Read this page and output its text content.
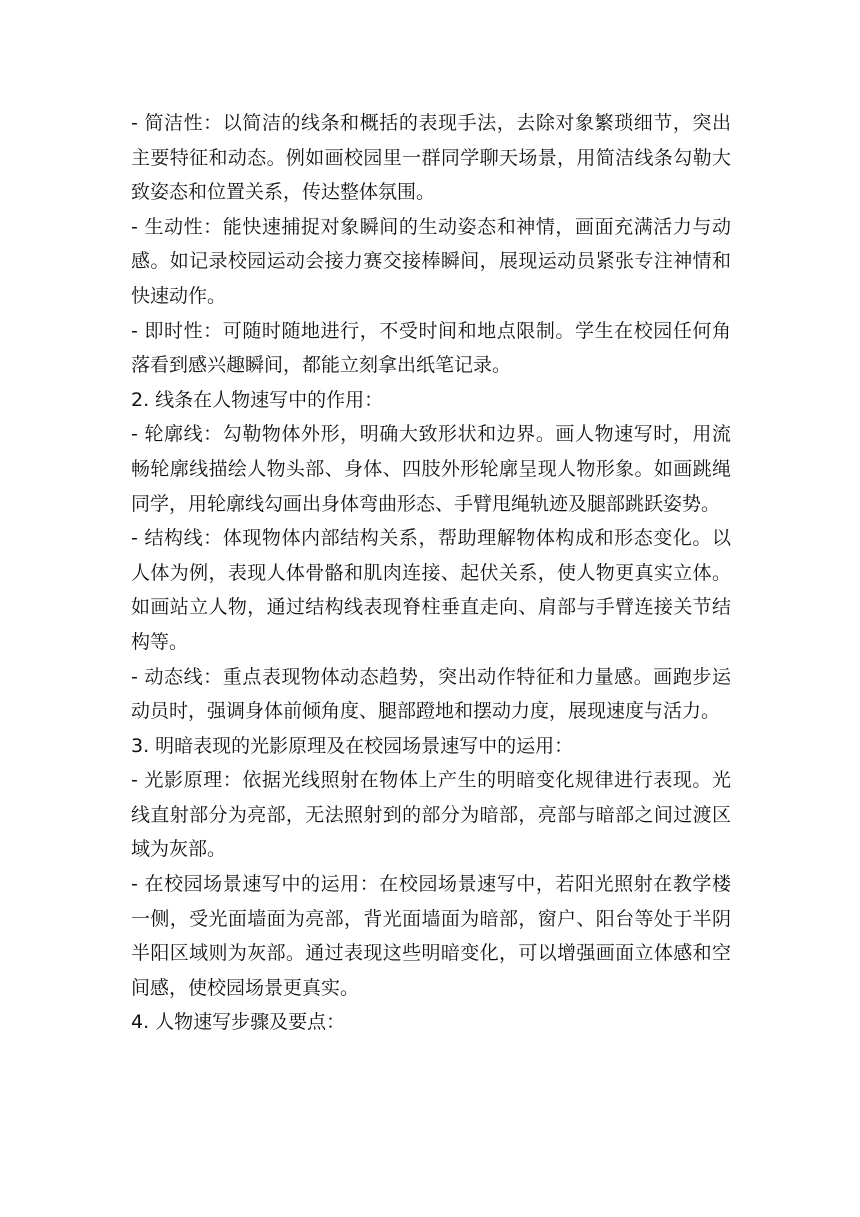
- 简洁性：以简洁的线条和概括的表现手法，去除对象繁琐细节，突出主要特征和动态。例如画校园里一群同学聊天场景，用简洁线条勾勒大致姿态和位置关系，传达整体氛围。

- 生动性：能快速捕捉对象瞬间的生动姿态和神情，画面充满活力与动感。如记录校园运动会接力赛交接棒瞬间，展现运动员紧张专注神情和快速动作。

- 即时性：可随时随地进行，不受时间和地点限制。学生在校园任何角落看到感兴趣瞬间，都能立刻拿出纸笔记录。

2. 线条在人物速写中的作用：

- 轮廓线：勾勒物体外形，明确大致形状和边界。画人物速写时，用流畅轮廓线描绘人物头部、身体、四肢外形轮廓呈现人物形象。如画跳绳同学，用轮廓线勾画出身体弯曲形态、手臂甩绳轨迹及腿部跳跃姿势。

- 结构线：体现物体内部结构关系，帮助理解物体构成和形态变化。以人体为例，表现人体骨骼和肌肉连接、起伏关系，使人物更真实立体。如画站立人物，通过结构线表现脊柱垂直走向、肩部与手臂连接关节结构等。

- 动态线：重点表现物体动态趋势，突出动作特征和力量感。画跑步运动员时，强调身体前倾角度、腿部蹬地和摆动力度，展现速度与活力。

3. 明暗表现的光影原理及在校园场景速写中的运用：

- 光影原理：依据光线照射在物体上产生的明暗变化规律进行表现。光线直射部分为亮部，无法照射到的部分为暗部，亮部与暗部之间过渡区域为灰部。

- 在校园场景速写中的运用：在校园场景速写中，若阳光照射在教学楼一侧，受光面墙面为亮部，背光面墙面为暗部，窗户、阳台等处于半阴半阳区域则为灰部。通过表现这些明暗变化，可以增强画面立体感和空间感，使校园场景更真实。

4. 人物速写步骤及要点：
